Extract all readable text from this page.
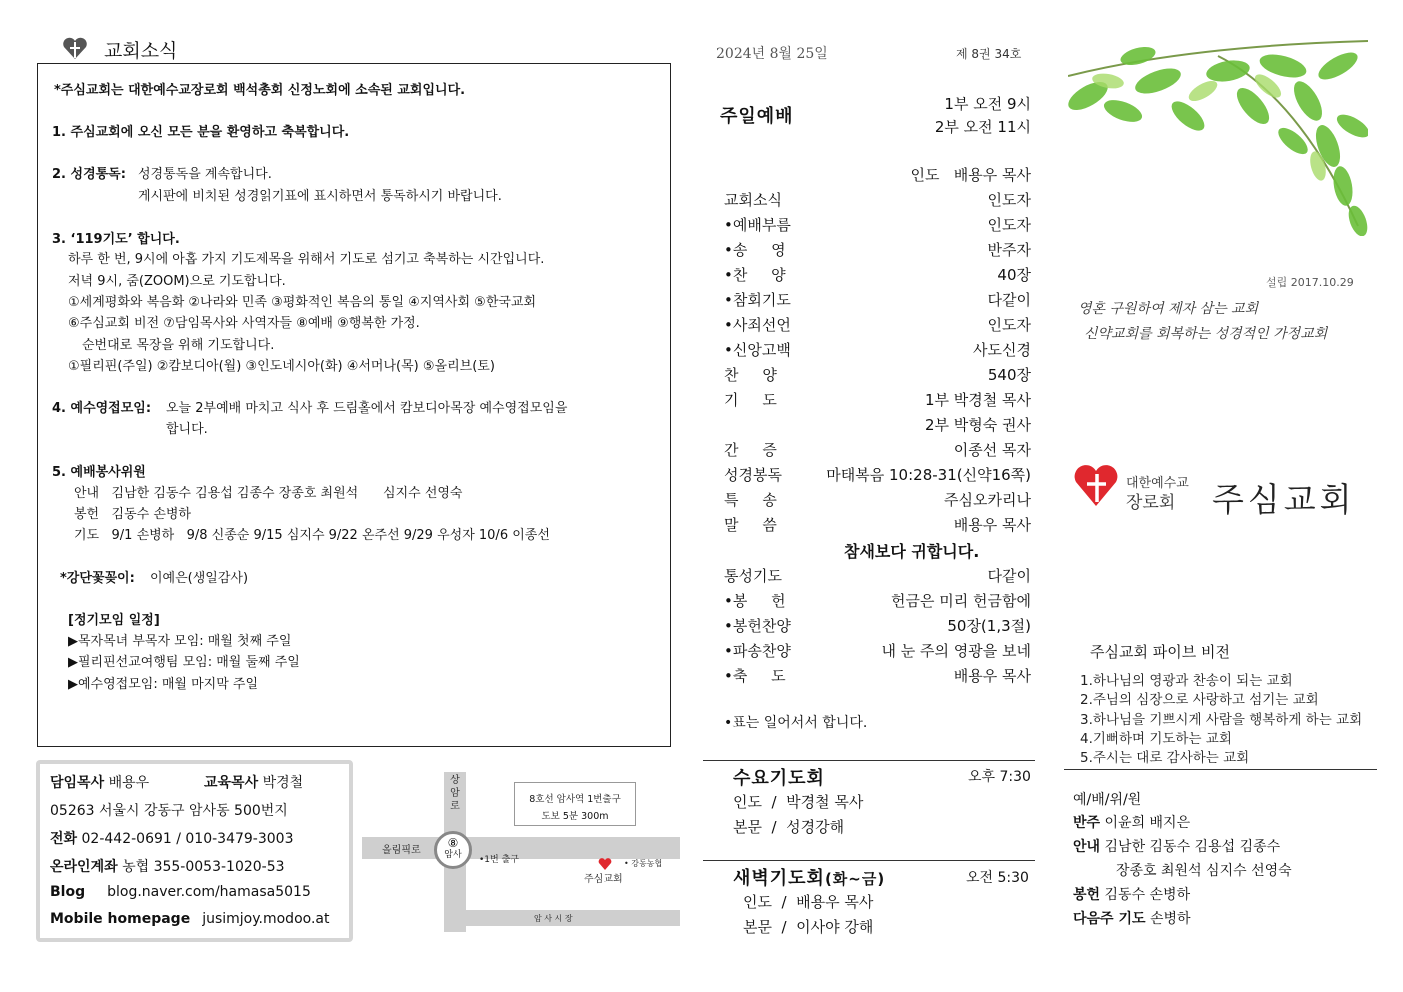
교회소식
*주심교회는 대한예수교장로회 백석총회 신정노회에 소속된 교회입니다.
1. 주심교회에 오신 모든 분을 환영하고 축복합니다.
2. 성경통독: 성경통독을 계속합니다.
게시판에 비치된 성경읽기표에 표시하면서 통독하시기 바랍니다.
3. ‘119기도’ 합니다.
하루 한 번, 9시에 아홉 가지 기도제목을 위해서 기도로 섬기고 축복하는 시간입니다.
저녁 9시, 줌(ZOOM)으로 기도합니다.
①세계평화와 복음화 ②나라와 민족 ③평화적인 복음의 통일 ④지역사회 ⑤한국교회
⑥주심교회 비전 ⑦담임목사와 사역자들 ⑧예배 ⑨행복한 가정.
순번대로 목장을 위해 기도합니다.
①필리핀(주일) ②캄보디아(월) ③인도네시아(화) ④서머나(목) ⑤올리브(토)
4. 예수영접모임: 오늘 2부예배 마치고 식사 후 드림홀에서 캄보디아목장 예수영접모임을
합니다.
5. 예배봉사위원
안내   김남한 김동수 김용섭 김종수 장종호 최원석      심지수 선영숙
봉헌   김동수 손병하
기도   9/1 손병하   9/8 신종순 9/15 심지수 9/22 온주선 9/29 우성자 10/6 이종선
*강단꽃꽂이: 이예은(생일감사)
[정기모임 일정]
▶목자목녀 부목자 모임: 매월 첫째 주일
▶필리핀선교여행팀 모임: 매월 둘째 주일
▶예수영접모임: 매월 마지막 주일
담임목사 배용우	교육목사 박경철
05263 서울시 강동구 암사동 500번지
전화 02-442-0691 / 010-3479-3003
온라인계좌 농협 355-0053-1020-53
Blog blog.naver.com/hamasa5015
Mobile homepage jusimjoy.modoo.at
상암로
올림픽로
⑧
암사	•1번 출구
8호선 암사역 1번출구
도보 5분 300m
• 강동농협
주심교회
암 사 시 장
2024년 8월 25일	제 8권 34호
주일예배
1부 오전 9시
2부 오전 11시
인도   배용우 목사
교회소식	인도자
•예배부름	인도자
•송     영	반주자
•찬     양	40장
•참회기도	다같이
•사죄선언	인도자
•신앙고백	사도신경
찬     양	540장
기     도	1부 박경철 목사
2부 박형숙 권사
간     증	이종선 목자
성경봉독	마태복음 10:28-31(신약16쪽)
특     송	주심오카리나
말     씀	배용우 목사
참새보다 귀합니다.
통성기도	다같이
•봉     헌	헌금은 미리 헌금함에
•봉헌찬양	50장(1,3절)
•파송찬양	내 눈 주의 영광을 보네
•축     도	배용우 목사
•표는 일어서서 합니다.
수요기도회	오후 7:30
인도  /  박경철 목사
본문  /  성경강해
새벽기도회(화~금)	오전 5:30
인도  /  배용우 목사
본문  /  이사야 강해
설립 2017.10.29
영혼 구원하여 제자 삼는 교회
신약교회를 회복하는 성경적인 가정교회
대한예수교
장로회 주심교회
주심교회 파이브 비전
1.하나님의 영광과 찬송이 되는 교회
2.주님의 심장으로 사랑하고 섬기는 교회
3.하나님을 기쁘시게 사람을 행복하게 하는 교회
4.기뻐하며 기도하는 교회
5.주시는 대로 감사하는 교회
예/배/위/원
반주 이윤희 배지은
안내 김남한 김동수 김용섭 김종수
장종호 최원석 심지수 선영숙
봉헌 김동수 손병하
다음주 기도 손병하
